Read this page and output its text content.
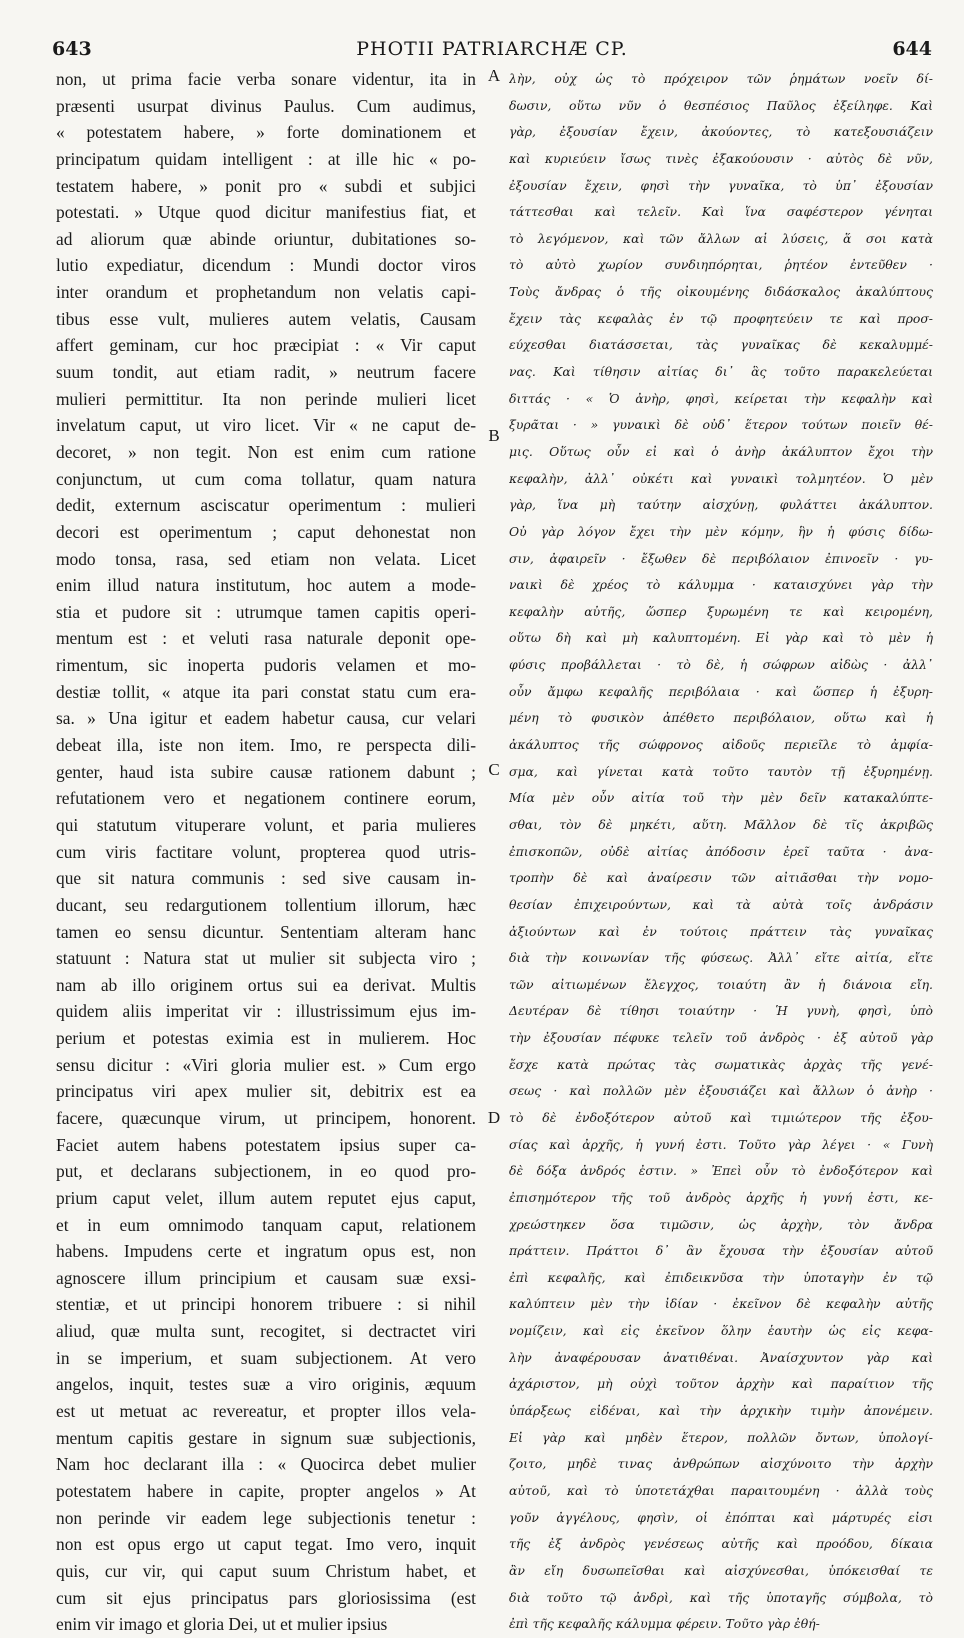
643	PHOTII PATRIARCHÆ CP.	644
A
B
C
D
non, ut prima facie verba sonare videntur, ita in
præsenti usurpat divinus Paulus. Cum audimus,
« potestatem habere, » forte dominationem et
principatum quidam intelligent : at ille hic « po-
testatem habere, » ponit pro « subdi et subjici
potestati. » Utque quod dicitur manifestius fiat, et
ad aliorum quæ abinde oriuntur, dubitationes so-
lutio expediatur, dicendum : Mundi doctor viros
inter orandum et prophetandum non velatis capi-
tibus esse vult, mulieres autem velatis, Causam
affert geminam, cur hoc præcipiat : « Vir caput
suum tondit, aut etiam radit, » neutrum facere
mulieri permittitur. Ita non perinde mulieri licet
invelatum caput, ut viro licet. Vir « ne caput de-
decoret, » non tegit. Non est enim cum ratione
conjunctum, ut cum coma tollatur, quam natura
dedit, externum asciscatur operimentum : mulieri
decori est operimentum ; caput dehonestat non
modo tonsa, rasa, sed etiam non velata. Licet
enim illud natura institutum, hoc autem a mode-
stia et pudore sit : utrumque tamen capitis operi-
mentum est : et veluti rasa naturale deponit ope-
rimentum, sic inoperta pudoris velamen et mo-
destiæ tollit, « atque ita pari constat statu cum era-
sa. » Una igitur et eadem habetur causa, cur velari
debeat illa, iste non item. Imo, re perspecta dili-
genter, haud ista subire causæ rationem dabunt ;
refutationem vero et negationem continere eorum,
qui statutum vituperare volunt, et paria mulieres
cum viris factitare volunt, propterea quod utris-
que sit natura communis : sed sive causam in-
ducant, seu redargutionem tollentium illorum, hæc
tamen eo sensu dicuntur. Sententiam alteram hanc
statuunt : Natura stat ut mulier sit subjecta viro ;
nam ab illo originem ortus sui ea derivat. Multis
quidem aliis imperitat vir : illustrissimum ejus im-
perium et potestas eximia est in mulierem. Hoc
sensu dicitur : «Viri gloria mulier est. » Cum ergo
principatus viri apex mulier sit, debitrix est ea
facere, quæcunque virum, ut principem, honorent.
Faciet autem habens potestatem ipsius super ca-
put, et declarans subjectionem, in eo quod pro-
prium caput velet, illum autem reputet ejus caput,
et in eum omnimodo tanquam caput, relationem
habens. Impudens certe et ingratum opus est, non
agnoscere illum principium et causam suæ exsi-
stentiæ, et ut principi honorem tribuere : si nihil
aliud, quæ multa sunt, recogitet, si dectractet viri
in se imperium, et suam subjectionem. At vero
angelos, inquit, testes suæ a viro originis, æquum
est ut metuat ac revereatur, et propter illos vela-
mentum capitis gestare in signum suæ subjectionis,
Nam hoc declarant illa : « Quocirca debet mulier
potestatem habere in capite, propter angelos » At
non perinde vir eadem lege subjectionis tenetur :
non est opus ergo ut caput tegat. Imo vero, inquit
quis, cur vir, qui caput suum Christum habet, et
cum sit ejus principatus pars gloriosissima (est
enim vir imago et gloria Dei, ut et mulier ipsius
λὴν, οὐχ ὡς τὸ πρόχειρον τῶν ῥημάτων νοεῖν δί-
δωσιν, οὕτω νῦν ὁ θεσπέσιος Παῦλος ἐξείληφε. Καὶ
γὰρ, ἐξουσίαν ἔχειν, ἀκούοντες, τὸ κατεξουσιάζειν
καὶ κυριεύειν ἴσως τινὲς ἐξακούουσιν · αὐτὸς δὲ νῦν,
ἐξουσίαν ἔχειν, φησὶ τὴν γυναῖκα, τὸ ὑπ᾽ ἐξουσίαν
τάττεσθαι καὶ τελεῖν. Καὶ ἵνα σαφέστερον γένηται
τὸ λεγόμενον, καὶ τῶν ἄλλων αἱ λύσεις, ἅ σοι κατὰ
τὸ αὐτὸ χωρίον συνδιηπόρηται, ῥητέον ἐντεῦθεν ·
Τοὺς ἄνδρας ὁ τῆς οἰκουμένης διδάσκαλος ἀκαλύπτους
ἔχειν τὰς κεφαλὰς ἐν τῷ προφητεύειν τε καὶ προσ-
εύχεσθαι διατάσσεται, τὰς γυναῖκας δὲ κεκαλυμμέ-
νας. Καὶ τίθησιν αἰτίας δι᾽ ἃς τοῦτο παρακελεύεται
διττάς · « Ὁ ἀνὴρ, φησὶ, κείρεται τὴν κεφαλὴν καὶ
ξυρᾶται · » γυναικὶ δὲ οὐδ᾽ ἕτερον τούτων ποιεῖν θέ-
μις. Οὕτως οὖν εἰ καὶ ὁ ἀνὴρ ἀκάλυπτον ἔχοι τὴν
κεφαλὴν, ἀλλ᾽ οὐκέτι καὶ γυναικὶ τολμητέον. Ὁ μὲν
γὰρ, ἵνα μὴ ταύτην αἰσχύνῃ, φυλάττει ἀκάλυπτον.
Οὐ γὰρ λόγον ἔχει τὴν μὲν κόμην, ἣν ἡ φύσις δίδω-
σιν, ἀφαιρεῖν · ἔξωθεν δὲ περιβόλαιον ἐπινοεῖν · γυ-
ναικὶ δὲ χρέος τὸ κάλυμμα · καταισχύνει γὰρ τὴν
κεφαλὴν αὐτῆς, ὥσπερ ξυρωμένη τε καὶ κειρομένη,
οὕτω δὴ καὶ μὴ καλυπτομένη. Εἰ γὰρ καὶ τὸ μὲν ἡ
φύσις προβάλλεται · τὸ δὲ, ἡ σώφρων αἰδὼς · ἀλλ᾽
οὖν ἄμφω κεφαλῆς περιβόλαια · καὶ ὥσπερ ἡ ἐξυρη-
μένη τὸ φυσικὸν ἀπέθετο περιβόλαιον, οὕτω καὶ ἡ
ἀκάλυπτος τῆς σώφρονος αἰδοῦς περιεῖλε τὸ ἀμφία-
σμα, καὶ γίνεται κατὰ τοῦτο ταυτὸν τῇ ἐξυρημένῃ.
Μία μὲν οὖν αἰτία τοῦ τὴν μὲν δεῖν κατακαλύπτε-
σθαι, τὸν δὲ μηκέτι, αὕτη. Μᾶλλον δὲ τῖς ἀκριβῶς
ἐπισκοπῶν, οὐδὲ αἰτίας ἀπόδοσιν ἐρεῖ ταῦτα · ἀνα-
τροπὴν δὲ καὶ ἀναίρεσιν τῶν αἰτιᾶσθαι τὴν νομο-
θεσίαν ἐπιχειρούντων, καὶ τὰ αὐτὰ τοῖς ἀνδράσιν
ἀξιούντων καὶ ἐν τούτοις πράττειν τὰς γυναῖκας
διὰ τὴν κοινωνίαν τῆς φύσεως. Ἀλλ᾽ εἴτε αἰτία, εἴτε
τῶν αἰτιωμένων ἔλεγχος, τοιαύτη ἂν ἡ διάνοια εἴη.
Δευτέραν δὲ τίθησι τοιαύτην · Ἡ γυνὴ, φησὶ, ὑπὸ
τὴν ἐξουσίαν πέφυκε τελεῖν τοῦ ἀνδρὸς · ἐξ αὐτοῦ γὰρ
ἔσχε κατὰ πρώτας τὰς σωματικὰς ἀρχὰς τῆς γενέ-
σεως · καὶ πολλῶν μὲν ἐξουσιάζει καὶ ἄλλων ὁ ἀνὴρ ·
τὸ δὲ ἐνδοξότερον αὐτοῦ καὶ τιμιώτερον τῆς ἐξου-
σίας καὶ ἀρχῆς, ἡ γυνή ἐστι. Τοῦτο γὰρ λέγει · « Γυνὴ
δὲ δόξα ἀνδρός ἐστιν. » Ἐπεὶ οὖν τὸ ἐνδοξότερον καὶ
ἐπισημότερον τῆς τοῦ ἀνδρὸς ἀρχῆς ἡ γυνή ἐστι, κε-
χρεώστηκεν ὅσα τιμῶσιν, ὡς ἀρχὴν, τὸν ἄνδρα
πράττειν. Πράττοι δ᾽ ἂν ἔχουσα τὴν ἐξουσίαν αὐτοῦ
ἐπὶ κεφαλῆς, καὶ ἐπιδεικνῦσα τὴν ὑποταγὴν ἐν τῷ
καλύπτειν μὲν τὴν ἰδίαν · ἐκεῖνον δὲ κεφαλὴν αὐτῆς
νομίζειν, καὶ εἰς ἐκεῖνον ὅλην ἑαυτὴν ὡς εἰς κεφα-
λὴν ἀναφέρουσαν ἀνατιθέναι. Ἀναίσχυντον γὰρ καὶ
ἀχάριστον, μὴ οὐχὶ τοῦτον ἀρχὴν καὶ παραίτιον τῆς
ὑπάρξεως εἰδέναι, καὶ τὴν ἀρχικὴν τιμὴν ἀπονέμειν.
Εἰ γὰρ καὶ μηδὲν ἕτερον, πολλῶν ὄντων, ὑπολογί-
ζοιτο, μηδὲ τινας ἀνθρώπων αἰσχύνοιτο τὴν ἀρχὴν
αὐτοῦ, καὶ τὸ ὑποτετάχθαι παραιτουμένη · ἀλλὰ τοὺς
γοῦν ἀγγέλους, φησὶν, οἱ ἐπόπται καὶ μάρτυρές εἰσι
τῆς ἐξ ἀνδρὸς γενέσεως αὐτῆς καὶ προόδου, δίκαια
ἂν εἴη δυσωπεῖσθαι καὶ αἰσχύνεσθαι, ὑπόκεισθαί τε
διὰ τοῦτο τῷ ἀνδρὶ, καὶ τῆς ὑποταγῆς σύμβολα, τὸ
ἐπὶ τῆς κεφαλῆς κάλυμμα φέρειν. Τοῦτο γὰρ ἐθή-
